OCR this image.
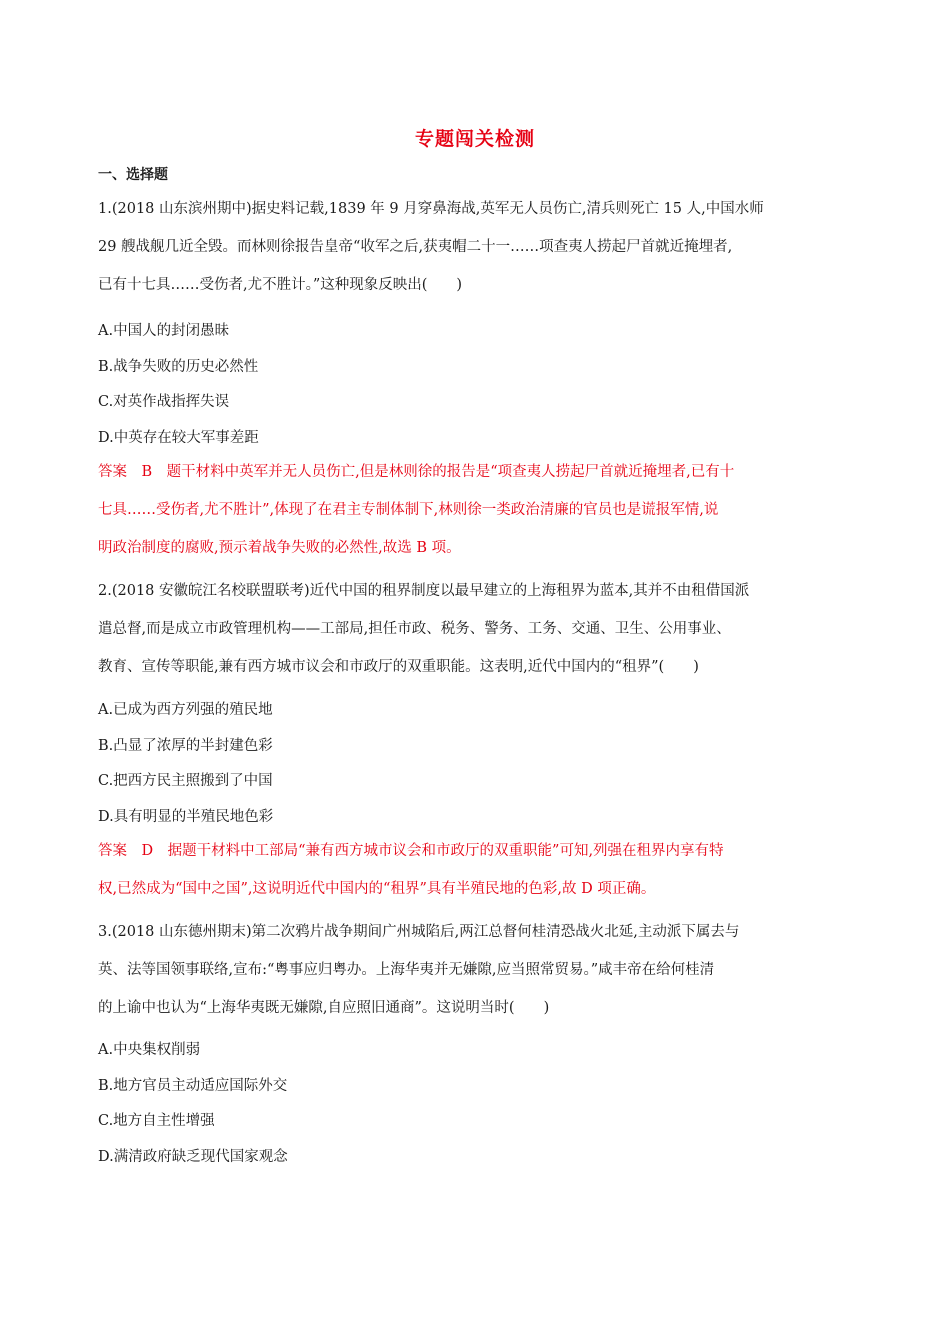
专题闯关检测
一、选择题
1.(2018 山东滨州期中)据史料记载,1839 年 9 月穿鼻海战,英军无人员伤亡,清兵则死亡 15 人,中国水师
29 艘战舰几近全毁。而林则徐报告皇帝“收军之后,获夷帽二十一……项查夷人捞起尸首就近掩埋者,
已有十七具……受伤者,尤不胜计。”这种现象反映出(　　)
A.中国人的封闭愚昧
B.战争失败的历史必然性
C.对英作战指挥失误
D.中英存在较大军事差距
答案　B　题干材料中英军并无人员伤亡,但是林则徐的报告是“项查夷人捞起尸首就近掩埋者,已有十
七具……受伤者,尤不胜计”,体现了在君主专制体制下,林则徐一类政治清廉的官员也是谎报军情,说
明政治制度的腐败,预示着战争失败的必然性,故选 B 项。
2.(2018 安徽皖江名校联盟联考)近代中国的租界制度以最早建立的上海租界为蓝本,其并不由租借国派
遣总督,而是成立市政管理机构——工部局,担任市政、税务、警务、工务、交通、卫生、公用事业、
教育、宣传等职能,兼有西方城市议会和市政厅的双重职能。这表明,近代中国内的“租界”(　　)
A.已成为西方列强的殖民地
B.凸显了浓厚的半封建色彩
C.把西方民主照搬到了中国
D.具有明显的半殖民地色彩
答案　D　据题干材料中工部局“兼有西方城市议会和市政厅的双重职能”可知,列强在租界内享有特
权,已然成为“国中之国”,这说明近代中国内的“租界”具有半殖民地的色彩,故 D 项正确。
3.(2018 山东德州期末)第二次鸦片战争期间广州城陷后,两江总督何桂清恐战火北延,主动派下属去与
英、法等国领事联络,宣布:“粤事应归粤办。上海华夷并无嫌隙,应当照常贸易。”咸丰帝在给何桂清
的上谕中也认为“上海华夷既无嫌隙,自应照旧通商”。这说明当时(　　)
A.中央集权削弱
B.地方官员主动适应国际外交
C.地方自主性增强
D.满清政府缺乏现代国家观念
